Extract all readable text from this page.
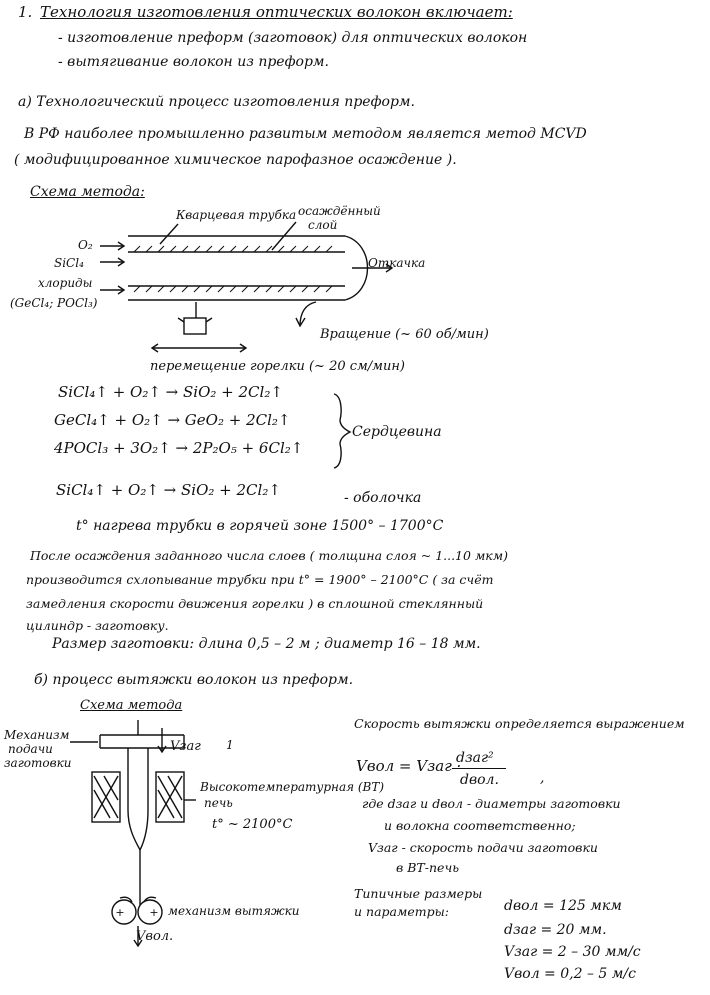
1. Технология изготовления оптических волокон включает:
- изготовление преформ (заготовок) для оптических волокон
- вытягивание волокон из преформ.
а) Технологический процесс изготовления преформ.
В РФ наиболее промышленно развитым методом является метод MCVD
( модифицированное химическое парофазное осаждение ).
Схема метода:
Кварцевая трубка осаждённый
слой
O₂
SiCl₄
хлориды
(GeCl₄; POCl₃)
Откачка
Вращение (~ 60 об/мин)
перемещение горелки (~ 20 см/мин)
SiCl₄↑ + O₂↑ → SiO₂ + 2Cl₂↑
GeCl₄↑ + O₂↑ → GeO₂ + 2Cl₂↑
4POCl₃ + 3O₂↑ → 2P₂O₅ + 6Cl₂↑
Сердцевина
SiCl₄↑ + O₂↑ → SiO₂ + 2Cl₂↑	- оболочка
t° нагрева трубки в горячей зоне 1500° – 1700°C
После осаждения заданного числа слоев ( толщина слоя ~ 1...10 мкм)
производится схлопывание трубки при t° = 1900° – 2100°C ( за счёт
замедления скорости движения горелки ) в сплошной стеклянный
цилиндр - заготовку.
Размер заготовки: длина 0,5 – 2 м ; диаметр 16 – 18 мм.
б) процесс вытяжки волокон из преформ.
Схема метода
+ +
Механизм
подачи
заготовки
Vзаг 1
Высокотемпературная (ВТ)
печь
t° ~ 2100°C
механизм вытяжки
Vвол.
Скорость вытяжки определяется выражением
Vвол = Vзаг ·
dзаг²
dвол.	,
где dзаг и dвол - диаметры заготовки
и волокна соответственно;
Vзаг - скорость подачи заготовки
в ВТ-печь
Типичные размеры
и параметры:	dвол = 125 мкм
dзаг = 20 мм.
Vзаг = 2 – 30 мм/с
Vвол = 0,2 – 5 м/с
